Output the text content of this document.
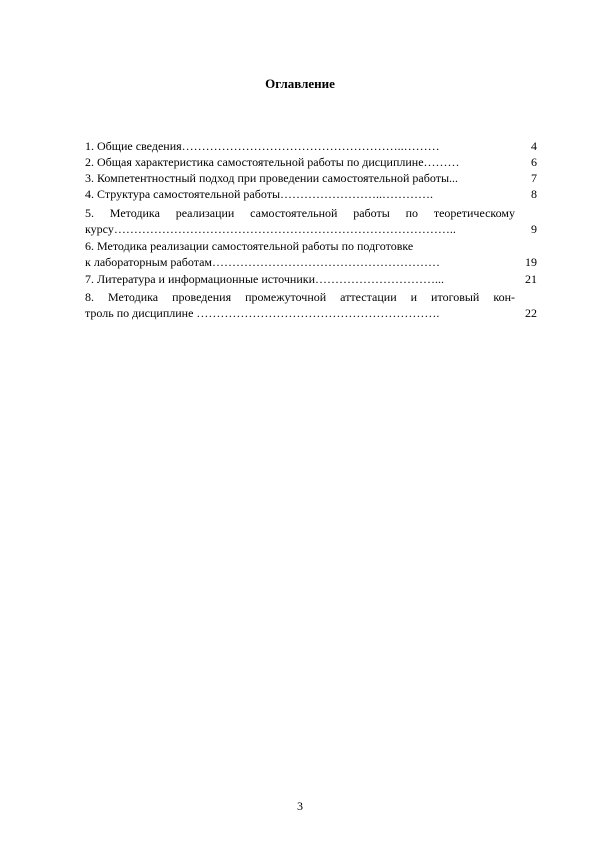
Оглавление
1. Общие сведения………………………………………………..………	4
2. Общая характеристика самостоятельной работы по дисциплине………	6
3. Компетентностный подход при проведении самостоятельной работы...	7
4. Структура самостоятельной работы……………………..………….	8
5. Методика реализации самостоятельной работы по теоретическому
курсу…………………………………………………………………………..	9
6. Методика реализации самостоятельной работы по подготовке
к лабораторным работам…………………………………………………	19
7. Литература и информационные источники…………………………...	21
8. Методика проведения промежуточной аттестации и итоговый кон-
троль по дисциплине …………………………………………………….	22
3
